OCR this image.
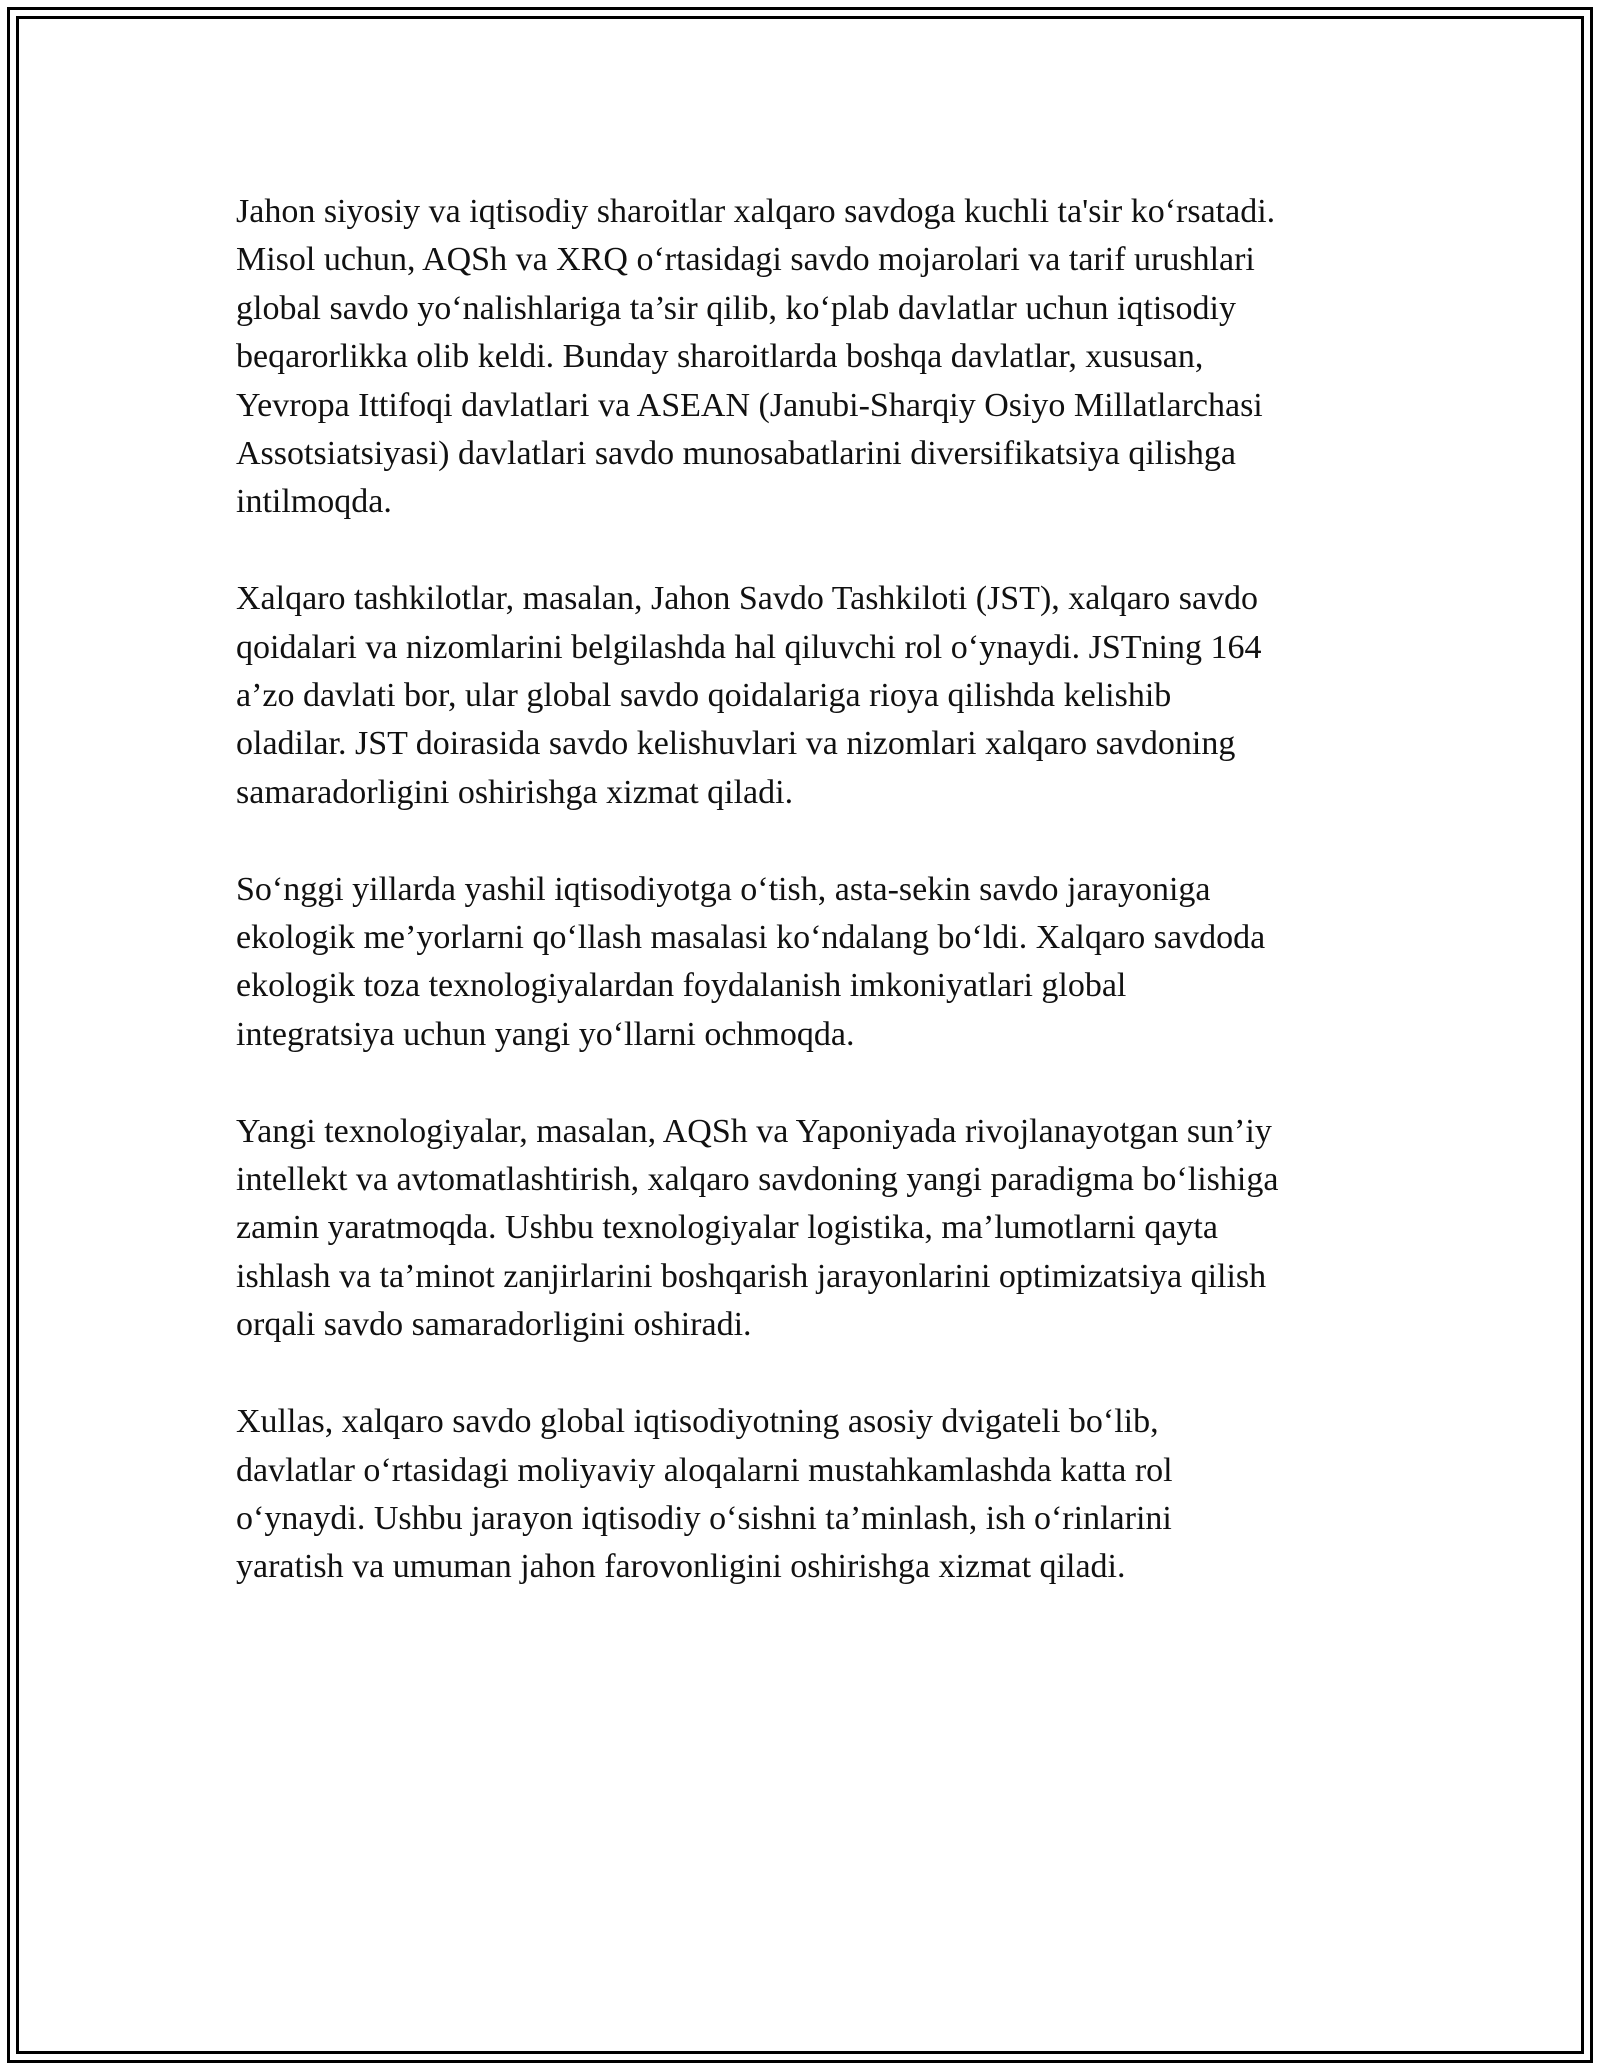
Jahon siyosiy va iqtisodiy sharoitlar xalqaro savdoga kuchli ta'sir ko‘rsatadi.
Misol uchun, AQSh va XRQ o‘rtasidagi savdo mojarolari va tarif urushlari
global savdo yo‘nalishlariga ta’sir qilib, ko‘plab davlatlar uchun iqtisodiy
beqarorlikka olib keldi. Bunday sharoitlarda boshqa davlatlar, xususan,
Yevropa Ittifoqi davlatlari va ASEAN (Janubi-Sharqiy Osiyo Millatlarchasi
Assotsiatsiyasi) davlatlari savdo munosabatlarini diversifikatsiya qilishga
intilmoqda.

Xalqaro tashkilotlar, masalan, Jahon Savdo Tashkiloti (JST), xalqaro savdo
qoidalari va nizomlarini belgilashda hal qiluvchi rol o‘ynaydi. JSTning 164
a’zo davlati bor, ular global savdo qoidalariga rioya qilishda kelishib
oladilar. JST doirasida savdo kelishuvlari va nizomlari xalqaro savdoning
samaradorligini oshirishga xizmat qiladi.

So‘nggi yillarda yashil iqtisodiyotga o‘tish, asta-sekin savdo jarayoniga
ekologik me’yorlarni qo‘llash masalasi ko‘ndalang bo‘ldi. Xalqaro savdoda
ekologik toza texnologiyalardan foydalanish imkoniyatlari global
integratsiya uchun yangi yo‘llarni ochmoqda.

Yangi texnologiyalar, masalan, AQSh va Yaponiyada rivojlanayotgan sun’iy
intellekt va avtomatlashtirish, xalqaro savdoning yangi paradigma bo‘lishiga
zamin yaratmoqda. Ushbu texnologiyalar logistika, ma’lumotlarni qayta
ishlash va ta’minot zanjirlarini boshqarish jarayonlarini optimizatsiya qilish
orqali savdo samaradorligini oshiradi.

Xullas, xalqaro savdo global iqtisodiyotning asosiy dvigateli bo‘lib,
davlatlar o‘rtasidagi moliyaviy aloqalarni mustahkamlashda katta rol
o‘ynaydi. Ushbu jarayon iqtisodiy o‘sishni ta’minlash, ish o‘rinlarini
yaratish va umuman jahon farovonligini oshirishga xizmat qiladi.
